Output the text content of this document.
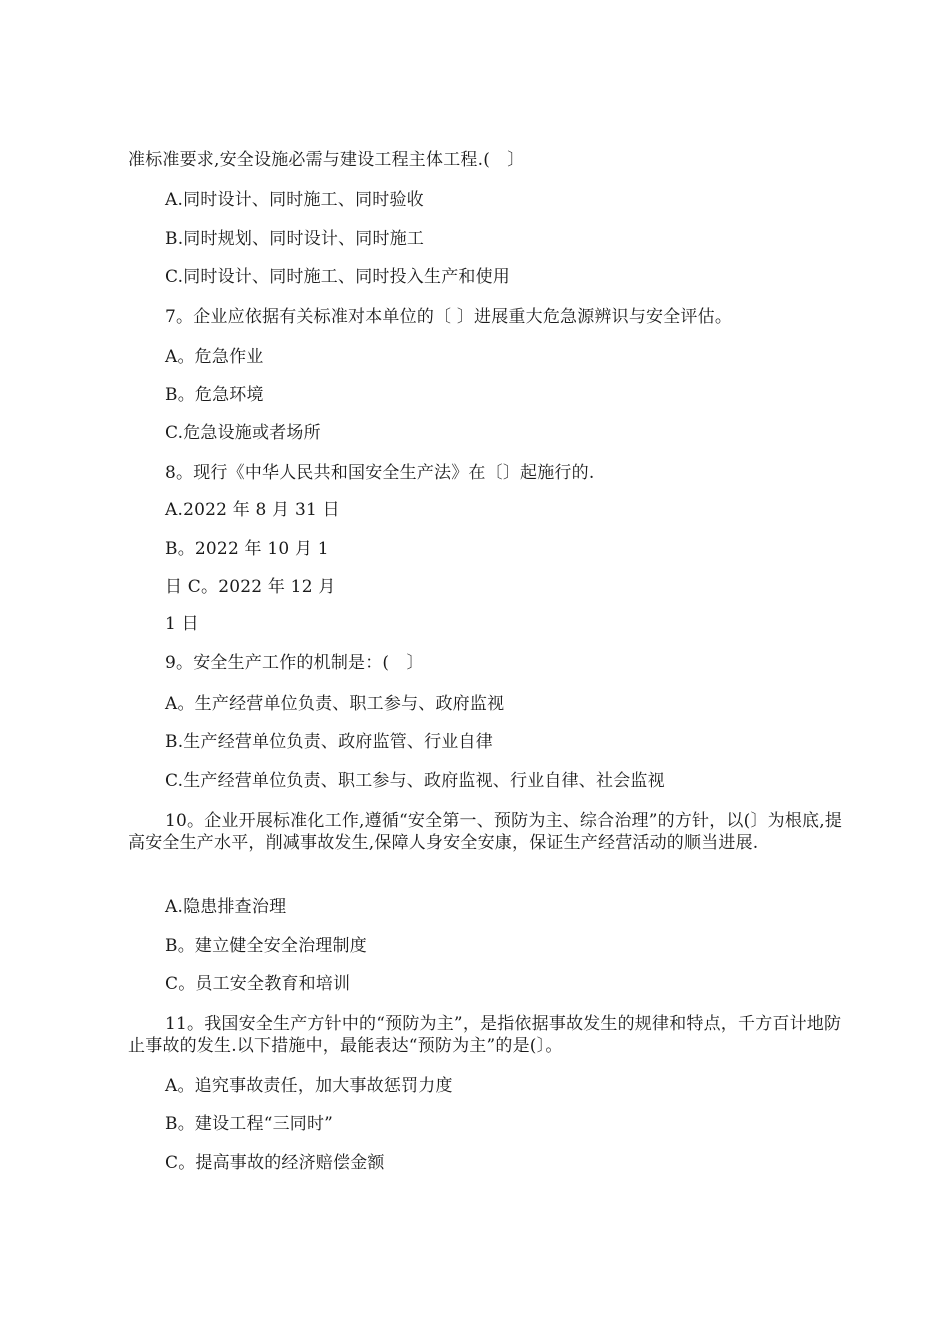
准标准要求,安全设施必需与建设工程主体工程.(　〕
A.同时设计、同时施工、同时验收
B.同时规划、同时设计、同时施工
C.同时设计、同时施工、同时投入生产和使用
7。企业应依据有关标准对本单位的〔 〕进展重大危急源辨识与安全评估。
A。危急作业
B。危急环境
C.危急设施或者场所
8。现行《中华人民共和国安全生产法》在〔〕起施行的.
A.2022 年 8 月 31 日
B。2022 年 10 月 1
日 C。2022 年 12 月
1 日
9。安全生产工作的机制是：(　〕
A。生产经营单位负责、职工参与、政府监视
B.生产经营单位负责、政府监管、行业自律
C.生产经营单位负责、职工参与、政府监视、行业自律、社会监视
10。企业开展标准化工作,遵循“安全第一、预防为主、综合治理”的方针，以(〕为根底,提高安全生产水平，削减事故发生,保障人身安全安康，保证生产经营活动的顺当进展.
A.隐患排查治理
B。建立健全安全治理制度
C。员工安全教育和培训
11。我国安全生产方针中的“预防为主”，是指依据事故发生的规律和特点，千方百计地防止事故的发生.以下措施中，最能表达“预防为主”的是(〕。
A。追究事故责任，加大事故惩罚力度
B。建设工程“三同时”
C。提高事故的经济赔偿金额
